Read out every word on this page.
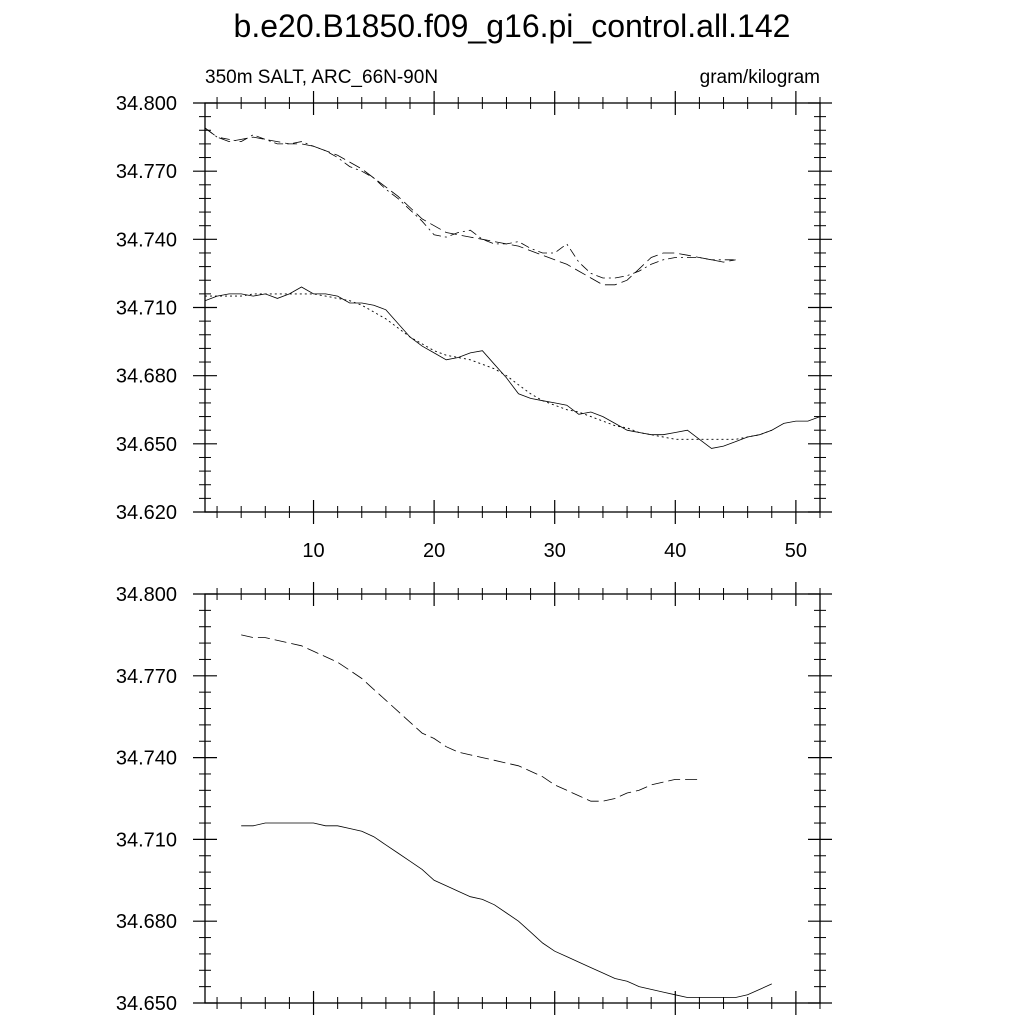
b.e20.B1850.f09_g16.pi_control.all.142
350m SALT, ARC_66N-90N	gram/kilogram
10	20	30	40	50
34.620
34.650
34.680
34.710
34.740
34.770
34.800
34.650
34.680
34.710
34.740
34.770
34.800
